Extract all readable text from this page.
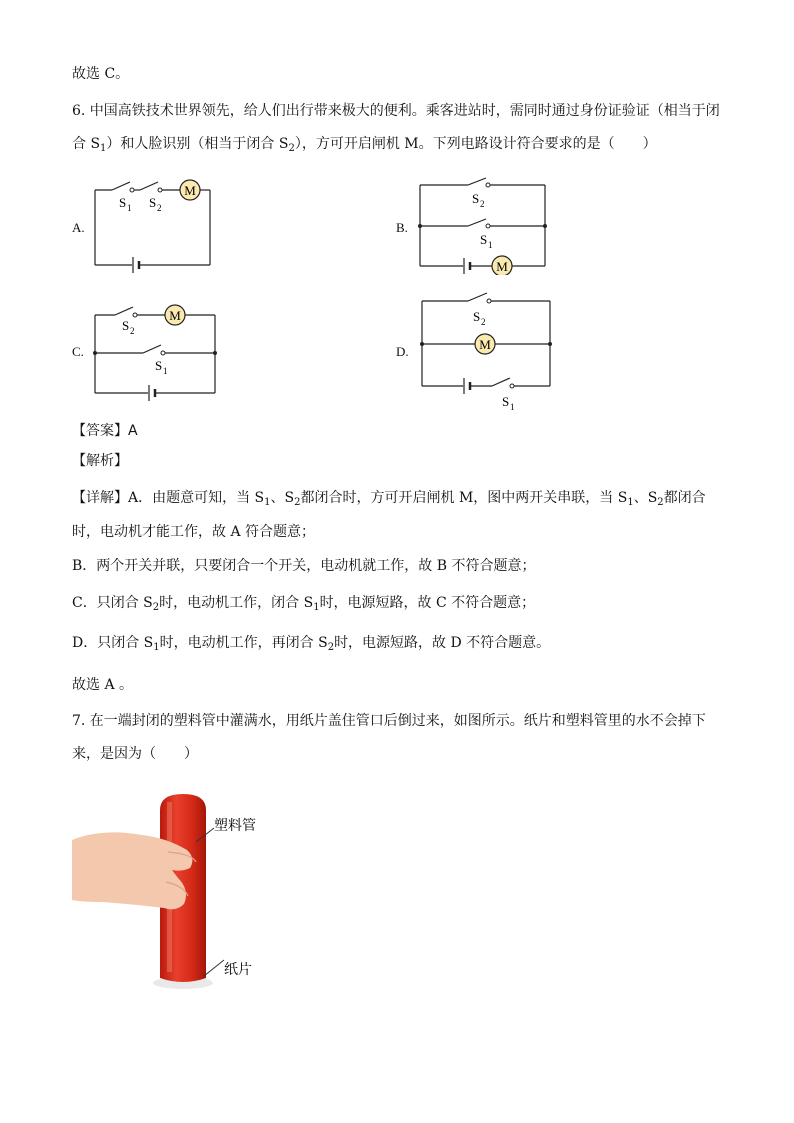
故选 C。
6. 中国高铁技术世界领先，给人们出行带来极大的便利。乘客进站时，需同时通过身份证验证（相当于闭
合 $S_1$）和人脸识别（相当于闭合 $S_2$），方可开启闸机 M。下列电路设计符合要求的是（　　）
A.	B.
C.	D.
M
S 1 S 2
M
S 2
S 1
M
S 2
S 1
M
S 2
S 1
【答案】A
【解析】
【详解】A．由题意可知，当 $S_1$、$S_2$都闭合时，方可开启闸机 M，图中两开关串联，当 $S_1$、$S_2$都闭合
时，电动机才能工作，故 A 符合题意；
B．两个开关并联，只要闭合一个开关，电动机就工作，故 B 不符合题意；
C．只闭合 $S_2$时，电动机工作，闭合 $S_1$时，电源短路，故 C 不符合题意；
D．只闭合 $S_1$时，电动机工作，再闭合 $S_2$时，电源短路，故 D 不符合题意。
故选 A 。
7. 在一端封闭的塑料管中灌满水，用纸片盖住管口后倒过来，如图所示。纸片和塑料管里的水不会掉下
来，是因为（　　）
塑料管
纸片
